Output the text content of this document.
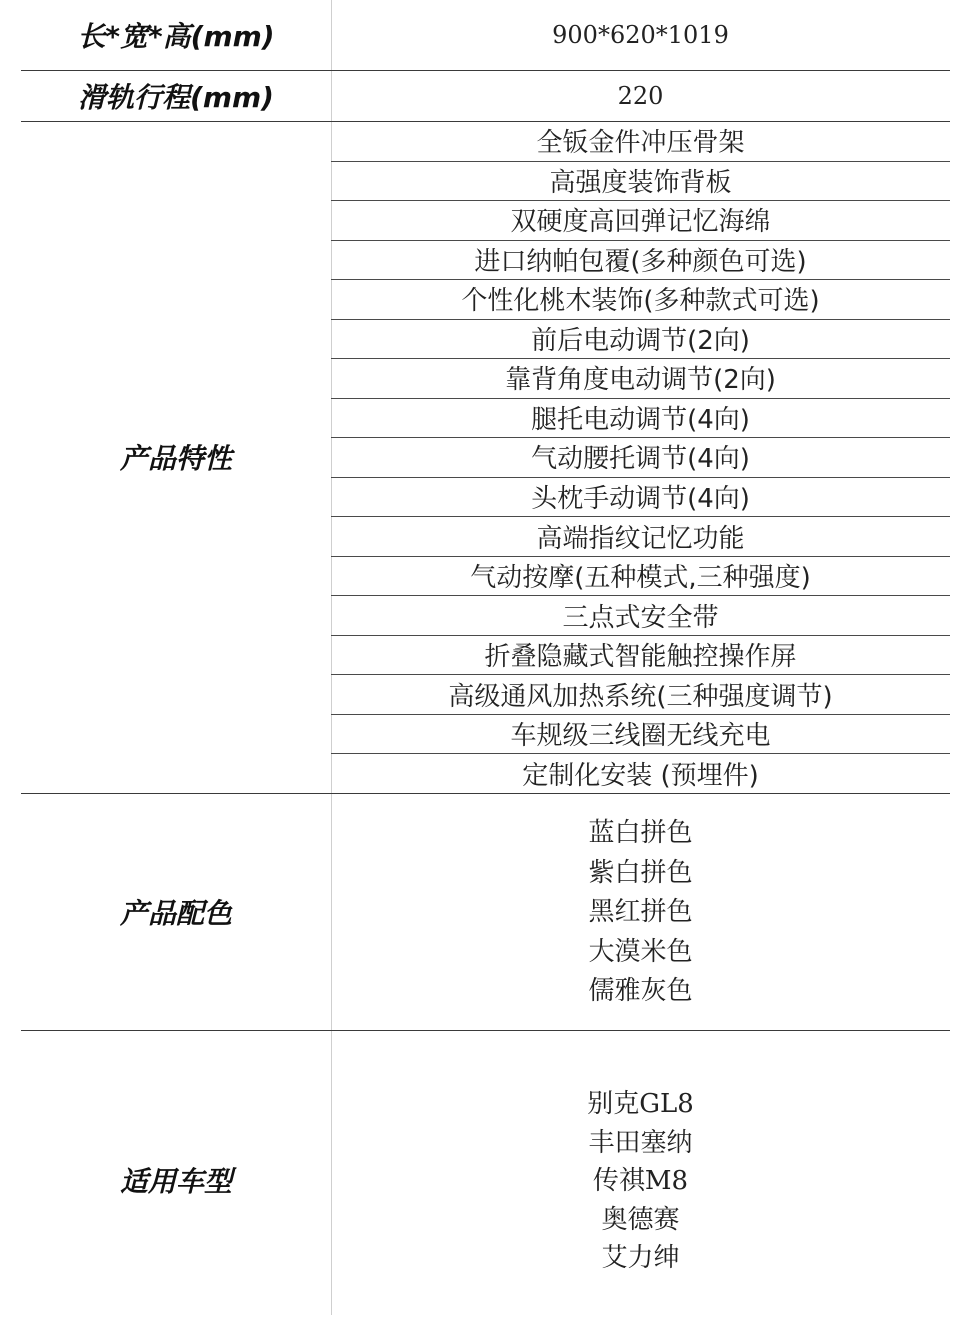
长*宽*高(mm)	900*620*1019
滑轨行程(mm)	220
产品特性
全钣金件冲压骨架
高强度装饰背板
双硬度高回弹记忆海绵
进口纳帕包覆(多种颜色可选)
个性化桃木装饰(多种款式可选)
前后电动调节(2向)
靠背角度电动调节(2向)
腿托电动调节(4向)
气动腰托调节(4向)
头枕手动调节(4向)
高端指纹记忆功能
气动按摩(五种模式,三种强度)
三点式安全带
折叠隐藏式智能触控操作屏
高级通风加热系统(三种强度调节)
车规级三线圈无线充电
定制化安装 (预埋件)
产品配色
蓝白拼色
紫白拼色
黑红拼色
大漠米色
儒雅灰色
适用车型
别克GL8
丰田塞纳
传祺M8
奥德赛
艾力绅
